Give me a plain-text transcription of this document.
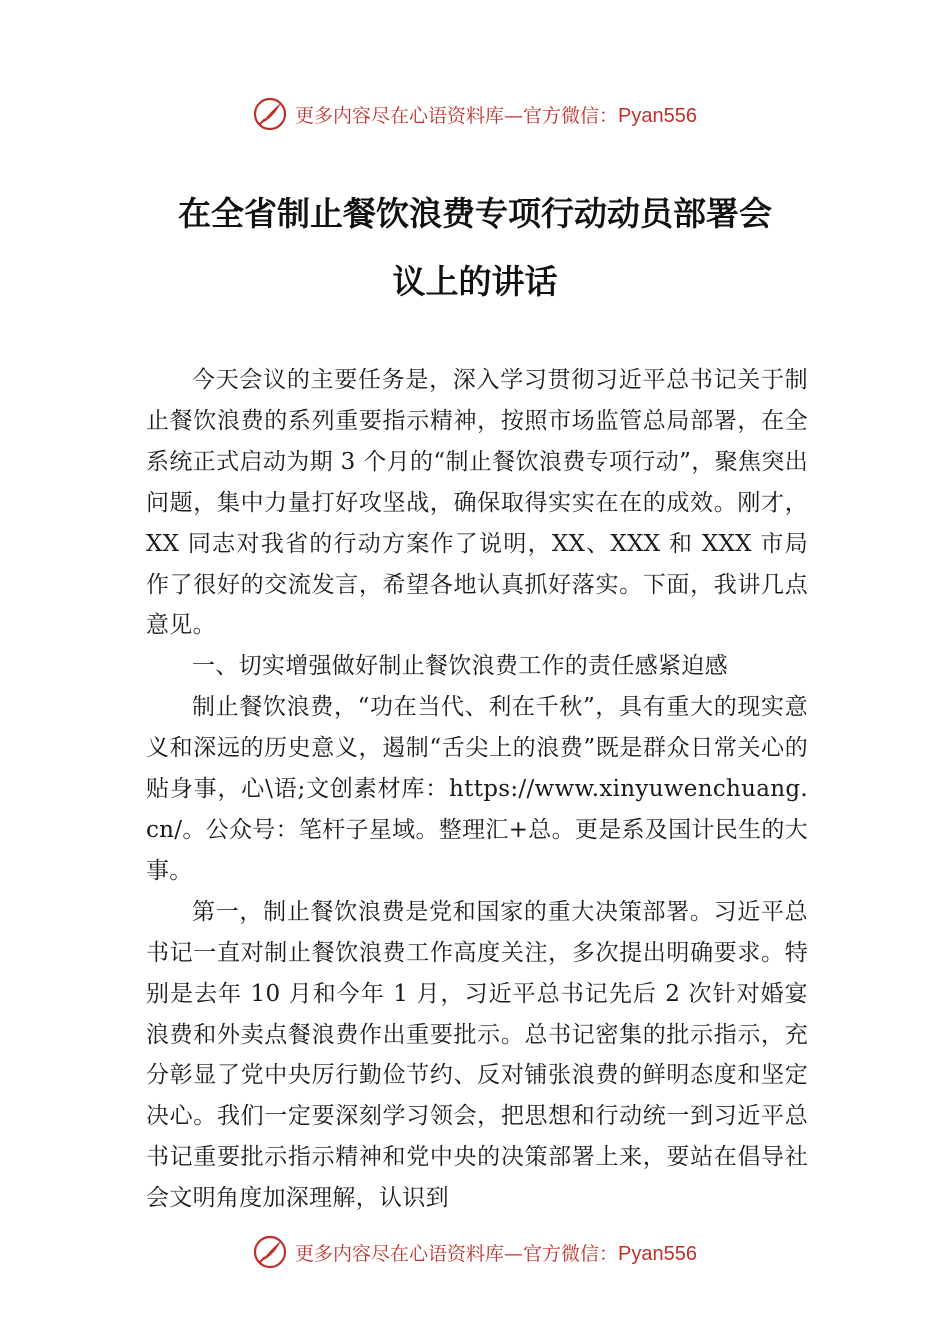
更多内容尽在心语资料库—官方微信：Pyan556
在全省制止餐饮浪费专项行动动员部署会
议上的讲话

今天会议的主要任务是，深入学习贯彻习近平总书记关于制止餐饮浪费的系列重要指示精神，按照市场监管总局部署，在全系统正式启动为期 3 个月的“制止餐饮浪费专项行动”，聚焦突出问题，集中力量打好攻坚战，确保取得实实在在的成效。刚才，XX 同志对我省的行动方案作了说明，XX、XXX 和 XXX 市局作了很好的交流发言，希望各地认真抓好落实。下面，我讲几点意见。

一、切实增强做好制止餐饮浪费工作的责任感紧迫感

制止餐饮浪费，“功在当代、利在千秋”，具有重大的现实意义和深远的历史意义，遏制“舌尖上的浪费”既是群众日常关心的贴身事，心\语;文创素材库：https://www.xinyuwenchuang.cn/。公众号：笔杆子星域。整理汇+总。更是系及国计民生的大事。

第一，制止餐饮浪费是党和国家的重大决策部署。习近平总书记一直对制止餐饮浪费工作高度关注，多次提出明确要求。特别是去年 10 月和今年 1 月，习近平总书记先后 2 次针对婚宴浪费和外卖点餐浪费作出重要批示。总书记密集的批示指示，充分彰显了党中央厉行勤俭节约、反对铺张浪费的鲜明态度和坚定决心。我们一定要深刻学习领会，把思想和行动统一到习近平总书记重要批示指示精神和党中央的决策部署上来，要站在倡导社会文明角度加深理解，认识到

更多内容尽在心语资料库—官方微信：Pyan556
